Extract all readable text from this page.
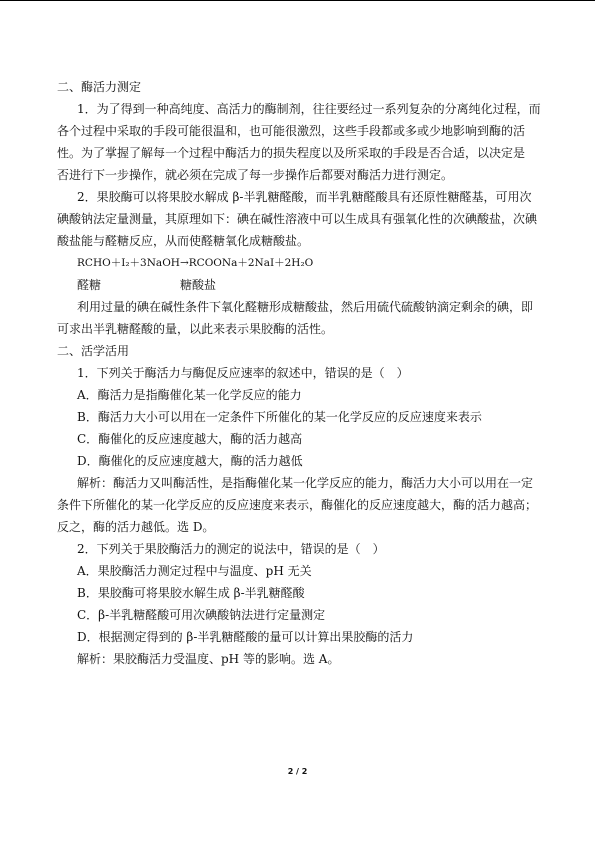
二、酶活力测定
1．为了得到一种高纯度、高活力的酶制剂，往往要经过一系列复杂的分离纯化过程，而
各个过程中采取的手段可能很温和，也可能很激烈，这些手段都或多或少地影响到酶的活
性。为了掌握了解每一个过程中酶活力的损失程度以及所采取的手段是否合适，以决定是
否进行下一步操作，就必须在完成了每一步操作后都要对酶活力进行测定。
2．果胶酶可以将果胶水解成 β-半乳糖醛酸，而半乳糖醛酸具有还原性糖醛基，可用次
碘酸钠法定量测量，其原理如下：碘在碱性溶液中可以生成具有强氧化性的次碘酸盐，次碘
酸盐能与醛糖反应，从而使醛糖氧化成糖酸盐。
RCHO＋I₂＋3NaOH→RCOONa＋2NaI＋2H₂O
醛糖	糖酸盐
利用过量的碘在碱性条件下氧化醛糖形成糖酸盐，然后用硫代硫酸钠滴定剩余的碘，即
可求出半乳糖醛酸的量，以此来表示果胶酶的活性。
二、活学活用
1．下列关于酶活力与酶促反应速率的叙述中，错误的是（　）
A．酶活力是指酶催化某一化学反应的能力
B．酶活力大小可以用在一定条件下所催化的某一化学反应的反应速度来表示
C．酶催化的反应速度越大，酶的活力越高
D．酶催化的反应速度越大，酶的活力越低
解析：酶活力又叫酶活性，是指酶催化某一化学反应的能力，酶活力大小可以用在一定
条件下所催化的某一化学反应的反应速度来表示，酶催化的反应速度越大，酶的活力越高；
反之，酶的活力越低。选 D。
2．下列关于果胶酶活力的测定的说法中，错误的是（　）
A．果胶酶活力测定过程中与温度、pH 无关
B．果胶酶可将果胶水解生成 β-半乳糖醛酸
C．β-半乳糖醛酸可用次碘酸钠法进行定量测定
D．根据测定得到的 β-半乳糖醛酸的量可以计算出果胶酶的活力
解析：果胶酶活力受温度、pH 等的影响。选 A。
2 / 2
